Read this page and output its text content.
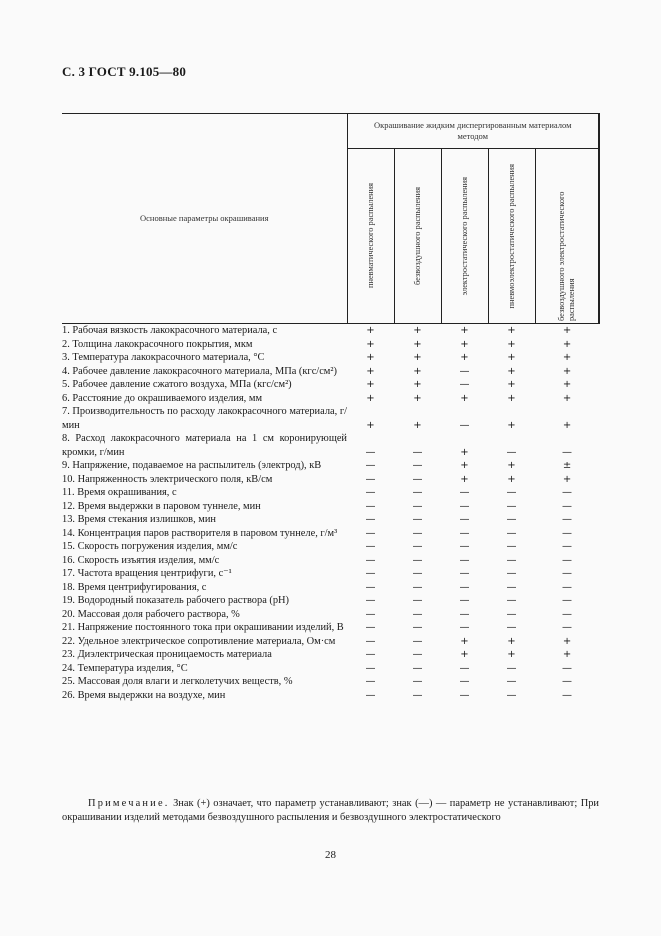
С. 3 ГОСТ 9.105—80
Основные параметры окрашивания	Окрашивание жидким диспергированным материалом методом				

	пневматического распыления	безвоздушного распыления	электростатического распыления	пневмоэлектростатического распыления	безвоздушного электростатического распыления

1. Рабочая вязкость лакокрасочного материала, с	+	+	+	+	+
2. Толщина лакокрасочного покрытия, мкм	+	+	+	+	+
3. Температура лакокрасочного материала, °С	+	+	+	+	+
4. Рабочее давление лакокрасочного материала, МПа (кгс/см²)	+	+	—	+	+
5. Рабочее давление сжатого воздуха, МПа (кгс/см²)	+	+	—	+	+
6. Расстояние до окрашиваемого изделия, мм	+	+	+	+	+
7. Производительность по расходу лакокрасочного материала, г/мин	+	+	—	+	+
8. Расход лакокрасочного материала на 1 см коронирующей кромки, г/мин	—	—	+	—	—
9. Напряжение, подаваемое на распылитель (электрод), кВ	—	—	+	+	±
10. Напряженность электрического поля, кВ/см	—	—	+	+	+
11. Время окрашивания, с	—	—	—	—	—
12. Время выдержки в паровом туннеле, мин	—	—	—	—	—
13. Время стекания излишков, мин	—	—	—	—	—
14. Концентрация паров растворителя в паровом туннеле, г/м³	—	—	—	—	—
15. Скорость погружения изделия, мм/с	—	—	—	—	—
16. Скорость изъятия изделия, мм/с	—	—	—	—	—
17. Частота вращения центрифуги, с⁻¹	—	—	—	—	—
18. Время центрифугирования, с	—	—	—	—	—
19. Водородный показатель рабочего раствора (рН)	—	—	—	—	—
20. Массовая доля рабочего раствора, %	—	—	—	—	—
21. Напряжение постоянного тока при окрашивании изделий, В	—	—	—	—	—
22. Удельное электрическое сопротивление материала, Ом·см	—	—	+	+	+
23. Диэлектрическая проницаемость материала	—	—	+	+	+
24. Температура изделия, °С	—	—	—	—	—
25. Массовая доля влаги и легколетучих веществ, %	—	—	—	—	—
26. Время выдержки на воздухе, мин	—	—	—	—	—
Примечание. Знак (+) означает, что параметр устанавливают; знак (—) — параметр не устанавливают; При окрашивании изделий методами безвоздушного распыления и безвоздушного электростатического
28
